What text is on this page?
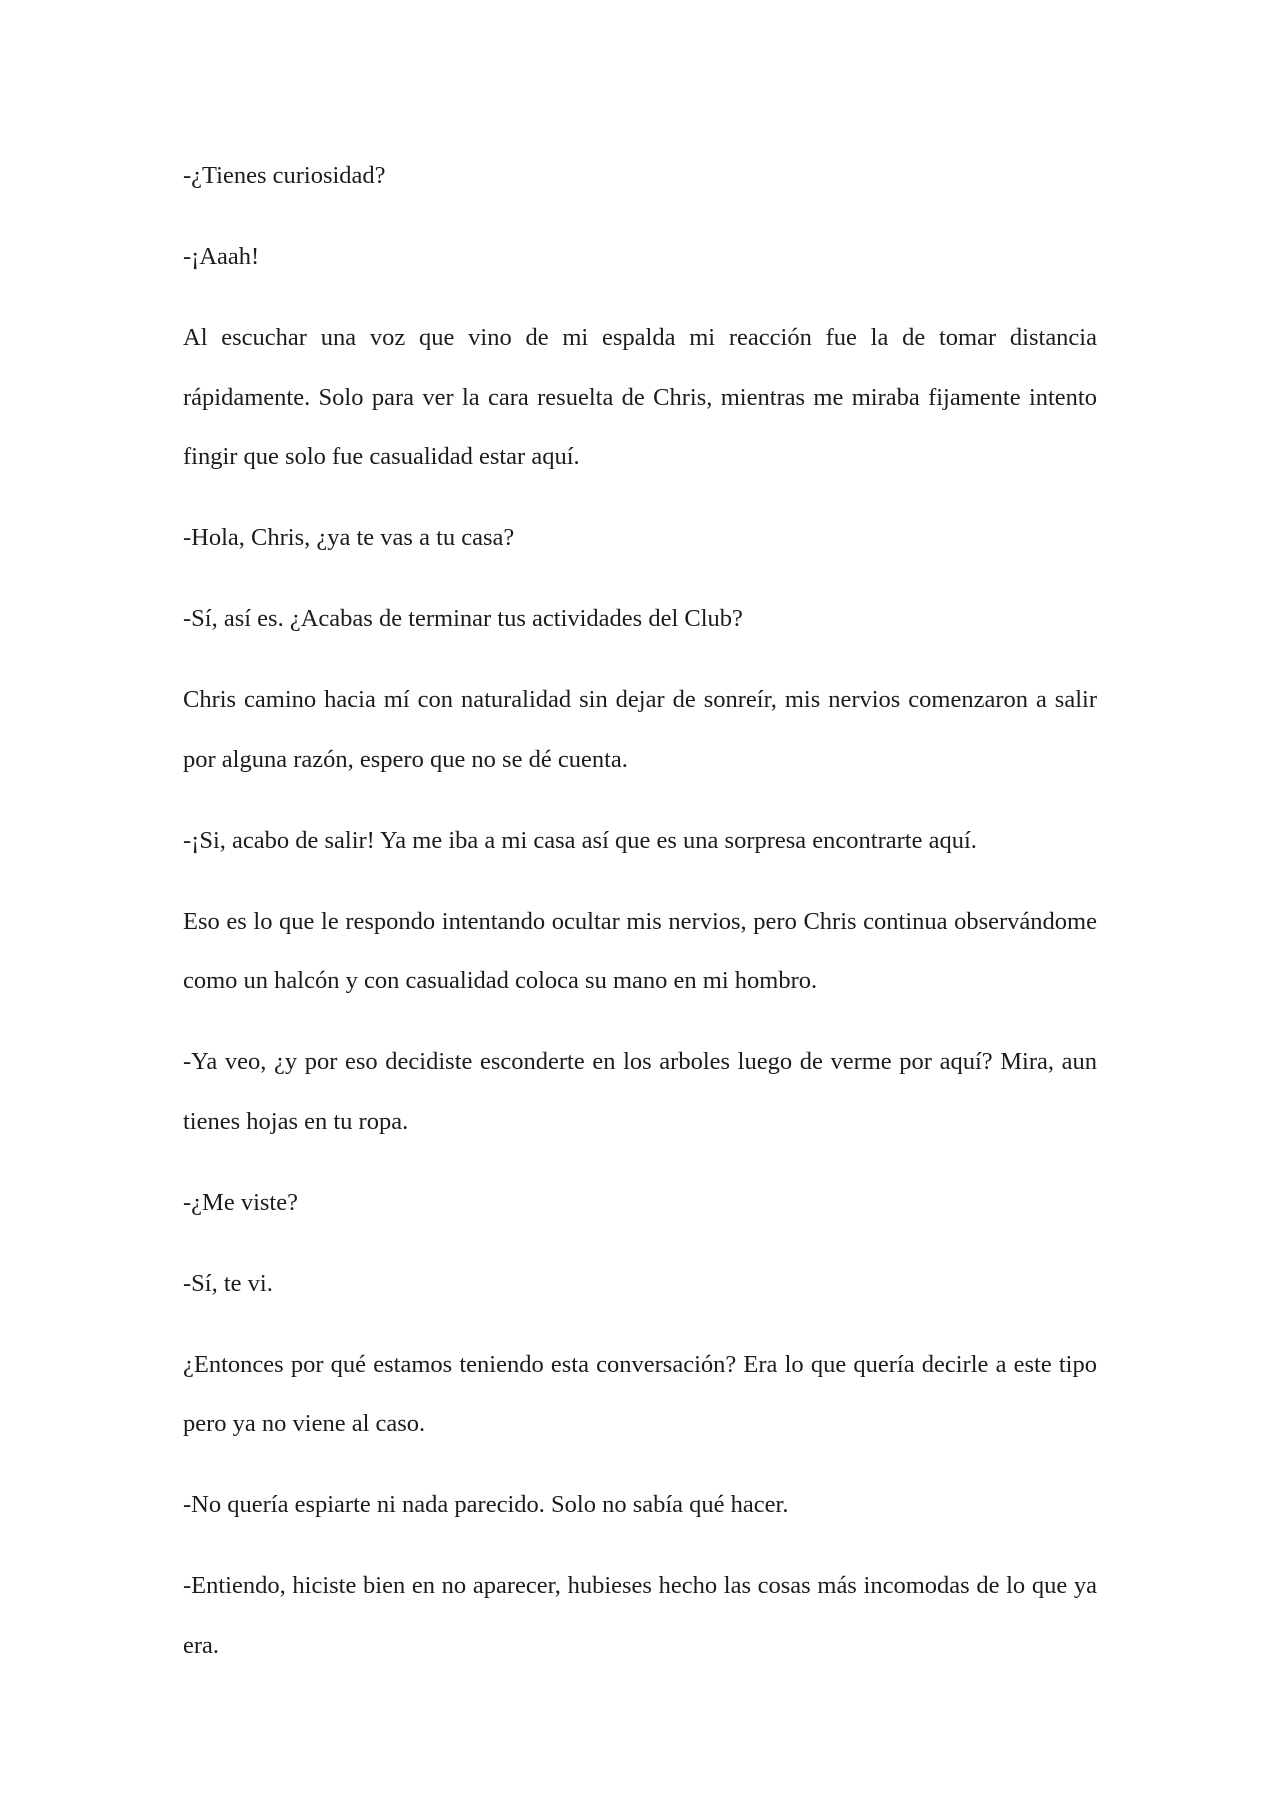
-¿Tienes curiosidad?

-¡Aaah!

Al escuchar una voz que vino de mi espalda mi reacción fue la de tomar distancia rápidamente. Solo para ver la cara resuelta de Chris, mientras me miraba fijamente intento fingir que solo fue casualidad estar aquí.

-Hola, Chris, ¿ya te vas a tu casa?

-Sí, así es. ¿Acabas de terminar tus actividades del Club?

Chris camino hacia mí con naturalidad sin dejar de sonreír, mis nervios comenzaron a salir por alguna razón, espero que no se dé cuenta.

-¡Si, acabo de salir! Ya me iba a mi casa así que es una sorpresa encontrarte aquí.

Eso es lo que le respondo intentando ocultar mis nervios, pero Chris continua observándome como un halcón y con casualidad coloca su mano en mi hombro.

-Ya veo, ¿y por eso decidiste esconderte en los arboles luego de verme por aquí? Mira, aun tienes hojas en tu ropa.

-¿Me viste?

-Sí, te vi.

¿Entonces por qué estamos teniendo esta conversación? Era lo que quería decirle a este tipo pero ya no viene al caso.

-No quería espiarte ni nada parecido. Solo no sabía qué hacer.

-Entiendo, hiciste bien en no aparecer, hubieses hecho las cosas más incomodas de lo que ya era.
